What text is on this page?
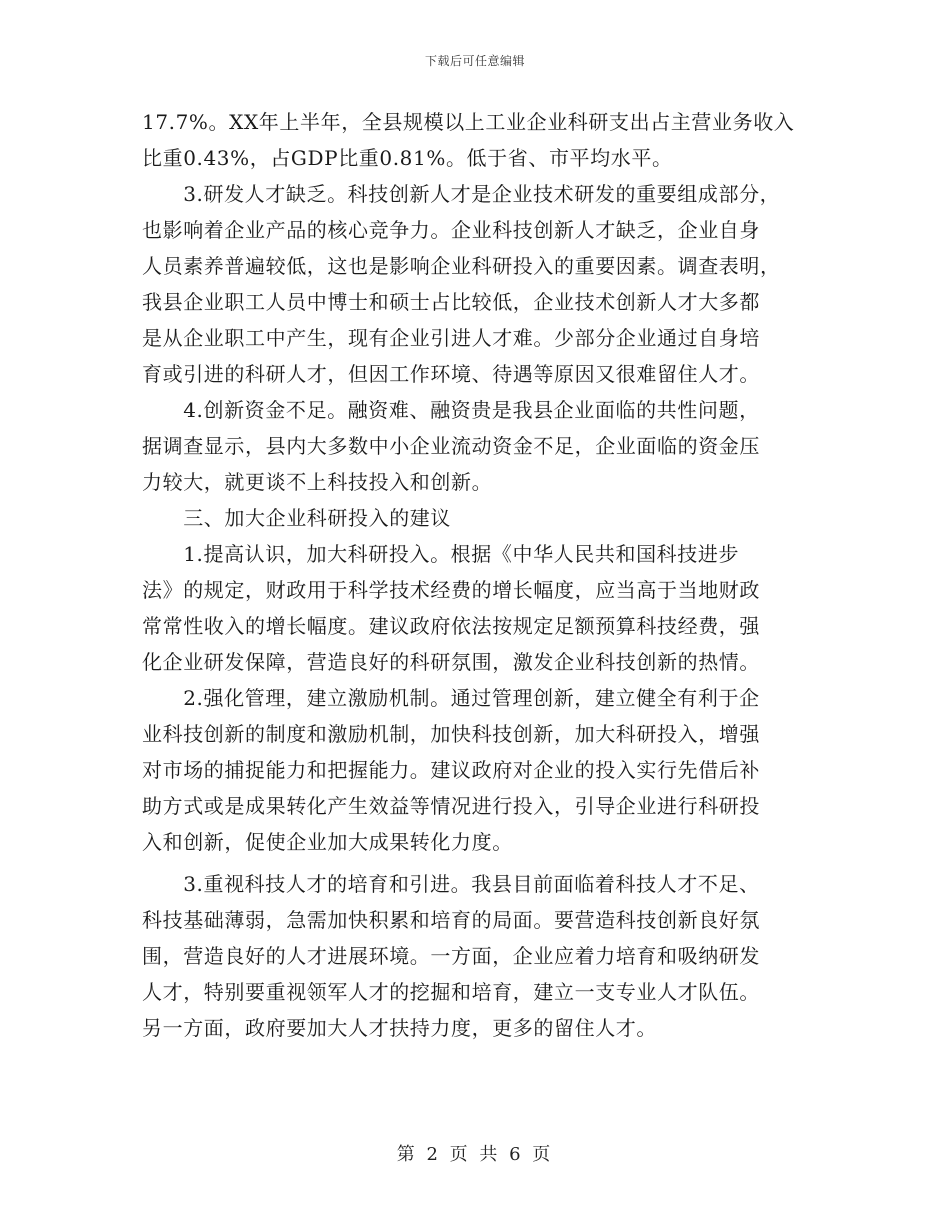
下载后可任意编辑
17.7%。XX年上半年，全县规模以上工业企业科研支出占主营业务收入
比重0.43%，占GDP比重0.81%。低于省、市平均水平。
　　3.研发人才缺乏。科技创新人才是企业技术研发的重要组成部分，
也影响着企业产品的核心竞争力。企业科技创新人才缺乏，企业自身
人员素养普遍较低，这也是影响企业科研投入的重要因素。调查表明，
我县企业职工人员中博士和硕士占比较低，企业技术创新人才大多都
是从企业职工中产生，现有企业引进人才难。少部分企业通过自身培
育或引进的科研人才，但因工作环境、待遇等原因又很难留住人才。
　　4.创新资金不足。融资难、融资贵是我县企业面临的共性问题，
据调查显示，县内大多数中小企业流动资金不足，企业面临的资金压
力较大，就更谈不上科技投入和创新。
　　三、加大企业科研投入的建议
　　1.提高认识，加大科研投入。根据《中华人民共和国科技进步
法》的规定，财政用于科学技术经费的增长幅度，应当高于当地财政
常常性收入的增长幅度。建议政府依法按规定足额预算科技经费，强
化企业研发保障，营造良好的科研氛围，激发企业科技创新的热情。
　　2.强化管理，建立激励机制。通过管理创新，建立健全有利于企
业科技创新的制度和激励机制，加快科技创新，加大科研投入，增强
对市场的捕捉能力和把握能力。建议政府对企业的投入实行先借后补
助方式或是成果转化产生效益等情况进行投入，引导企业进行科研投
入和创新，促使企业加大成果转化力度。
　　3.重视科技人才的培育和引进。我县目前面临着科技人才不足、
科技基础薄弱，急需加快积累和培育的局面。要营造科技创新良好氛
围，营造良好的人才进展环境。一方面，企业应着力培育和吸纳研发
人才，特别要重视领军人才的挖掘和培育，建立一支专业人才队伍。
另一方面，政府要加大人才扶持力度，更多的留住人才。
第 2 页 共 6 页
